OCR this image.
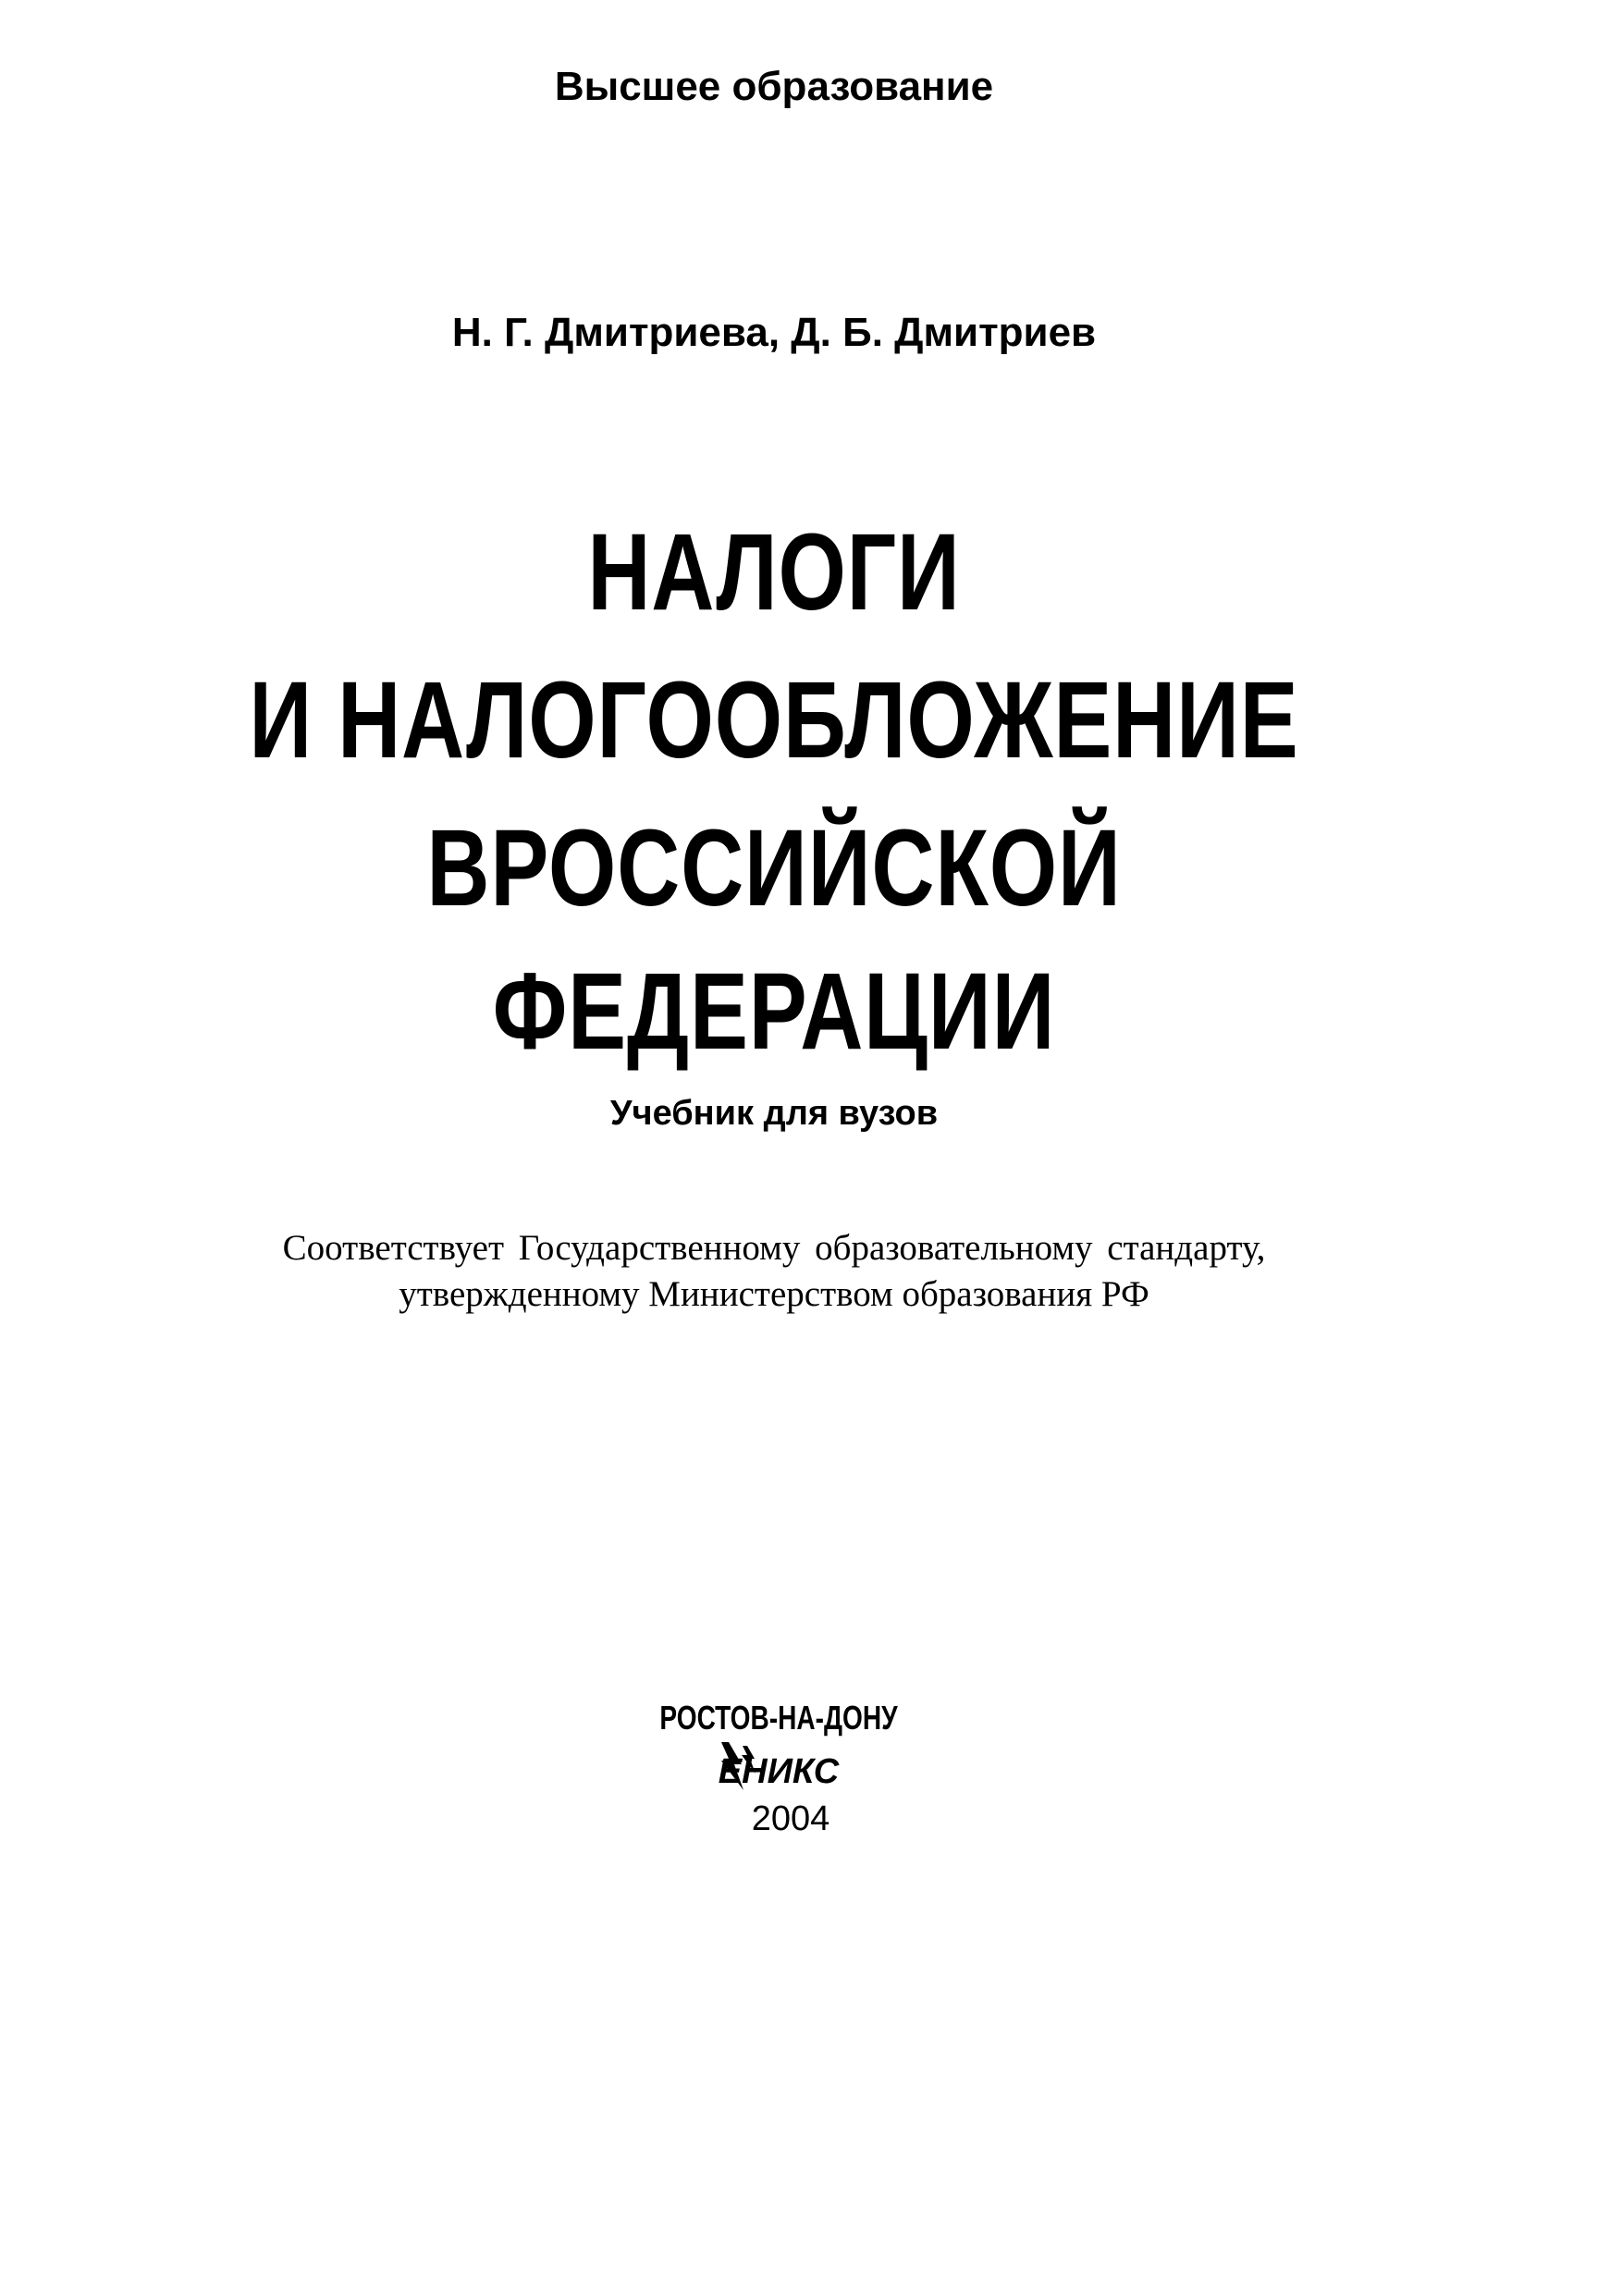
Высшее образование
Н. Г. Дмитриева, Д. Б. Дмитриев
НАЛОГИ
И НАЛОГООБЛОЖЕНИЕ
ВРОССИЙСКОЙ
ФЕДЕРАЦИИ
Учебник для вузов
Соответствует Государственному образовательному стандарту,
утвержденному Министерством образования РФ
РОСТОВ-НА-ДОНУ
ЕНИКС
2004
